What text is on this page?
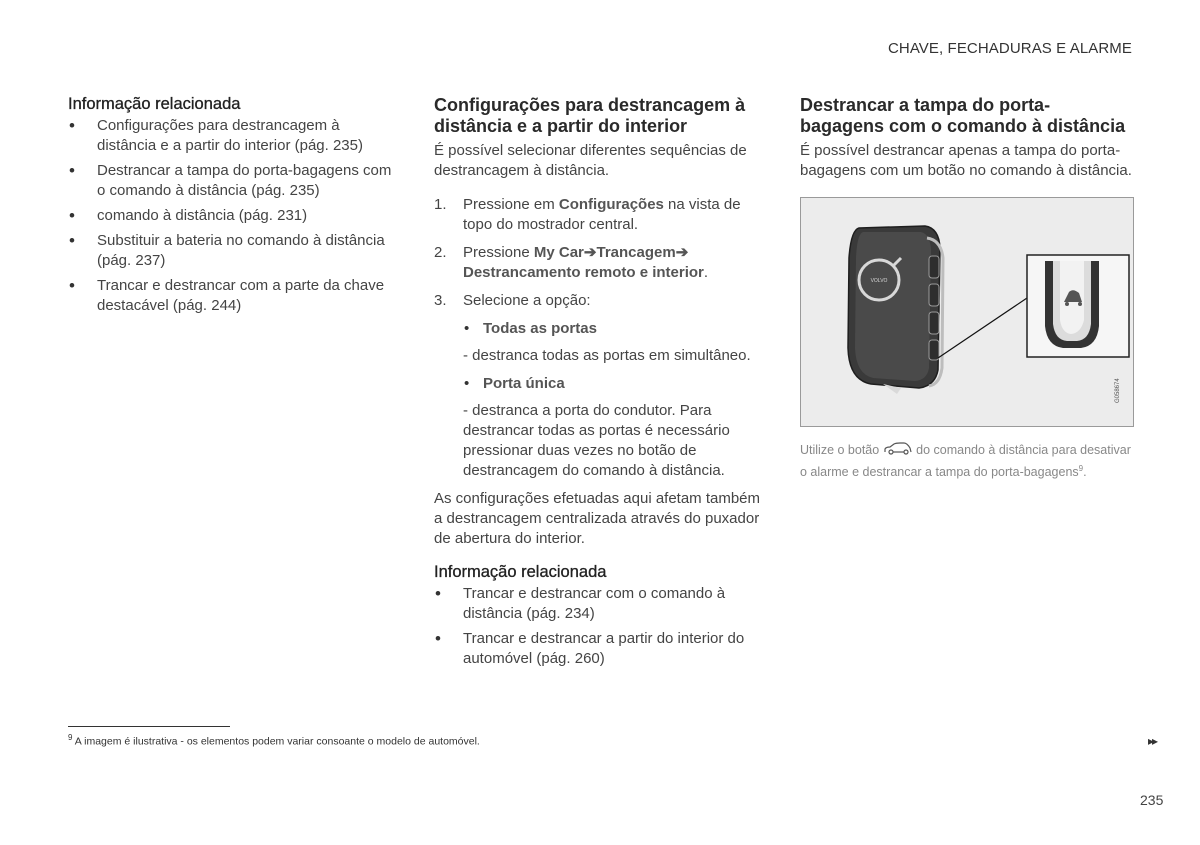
CHAVE, FECHADURAS E ALARME
Informação relacionada
• Configurações para destrancagem à distância e a partir do interior (pág. 235)
• Destrancar a tampa do porta-bagagens com o comando à distância (pág. 235)
• comando à distância (pág. 231)
• Substituir a bateria no comando à distância (pág. 237)
• Trancar e destrancar com a parte da chave destacável (pág. 244)
Configurações para destrancagem à distância e a partir do interior

É possível selecionar diferentes sequências de destrancagem à distância.

1. Pressione em Configurações na vista de topo do mostrador central.
2. Pressione My Car➔Trancagem➔ Destrancamento remoto e interior.
3. Selecione a opção:
• Todas as portas
- destranca todas as portas em simultâneo.
• Porta única
- destranca a porta do condutor. Para destrancar todas as portas é necessário pressionar duas vezes no botão de destrancagem do comando à distância.

As configurações efetuadas aqui afetam também a destrancagem centralizada através do puxador de abertura do interior.

Informação relacionada
• Trancar e destrancar com o comando à distância (pág. 234)
• Trancar e destrancar a partir do interior do automóvel (pág. 260)
Destrancar a tampa do porta-bagagens com o comando à distância

É possível destrancar apenas a tampa do porta-bagagens com um botão no comando à distância.

VOLVO
G058674
Utilize o botão  do comando à distância para desativar o alarme e destrancar a tampa do porta-bagagens$^9$.
$^9$ A imagem é ilustrativa - os elementos podem variar consoante o modelo de automóvel.	▸▸
235
